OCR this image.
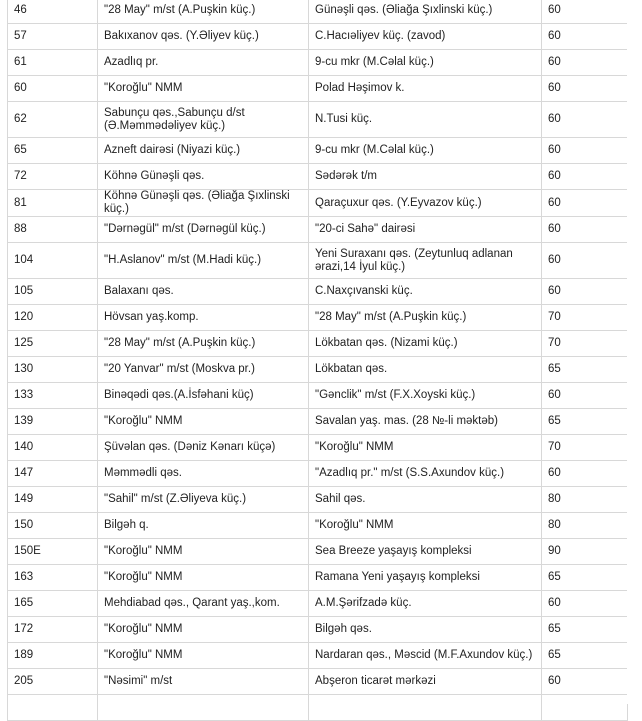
46	"28 May" m/st (A.Puşkin küç.)	Günəşli qəs. (Əliağa Şıxlinski küç.)	60
57	Bakıxanov qəs. (Y.Əliyev küç.)	C.Hacıəliyev küç. (zavod)	60
61	Azadlıq pr.	9-cu mkr (M.Cəlal küç.)	60
60	"Koroğlu" NMM	Polad Həşimov k.	60
62	Sabunçu qəs.,Sabunçu d/st (Ə.Məmmədəliyev küç.)	N.Tusi küç.	60
65	Azneft dairəsi (Niyazi küç.)	9-cu mkr (M.Cəlal küç.)	60
72	Köhnə Günəşli qəs.	Sədərək t/m	60
81	Köhnə Günəşli qəs. (Əliağa Şıxlinski küç.)	Qaraçuxur qəs. (Y.Eyvazov küç.)	60
88	"Dərnəgül" m/st (Dərnəgül küç.)	"20-ci Sahə" dairəsi	60
104	"H.Aslanov" m/st (M.Hadi küç.)	Yeni Suraxanı qəs. (Zeytunluq adlanan ərazi,14 İyul küç.)	60
105	Balaxanı qəs.	C.Naxçıvanski küç.	60
120	Hövsan yaş.komp.	"28 May" m/st (A.Puşkin küç.)	70
125	"28 May" m/st (A.Puşkin küç.)	Lökbatan qəs. (Nizami küç.)	70
130	"20 Yanvar" m/st (Moskva pr.)	Lökbatan qəs.	65
133	Binəqədi qəs.(A.İsfəhani küç)	"Gənclik" m/st (F.X.Xoyski küç.)	60
139	"Koroğlu" NMM	Savalan yaş. mas. (28 №-li məktəb)	65
140	Şüvəlan qəs. (Dəniz Kənarı küçə)	"Koroğlu" NMM	70
147	Məmmədli qəs.	"Azadlıq pr." m/st (S.S.Axundov küç.)	60
149	"Sahil" m/st (Z.Əliyeva küç.)	Sahil qəs.	80
150	Bilgəh q.	"Koroğlu" NMM	80
150E	"Koroğlu" NMM	Sea Breeze yaşayış kompleksi	90
163	"Koroğlu" NMM	Ramana Yeni yaşayış kompleksi	65
165	Mehdiabad qəs., Qarant yaş.,kom.	A.M.Şərifzadə küç.	60
172	"Koroğlu" NMM	Bilgəh qəs.	65
189	"Koroğlu" NMM	Nardaran qəs., Məscid (M.F.Axundov küç.)	65
205	"Nəsimi" m/st	Abşeron ticarət mərkəzi	60
